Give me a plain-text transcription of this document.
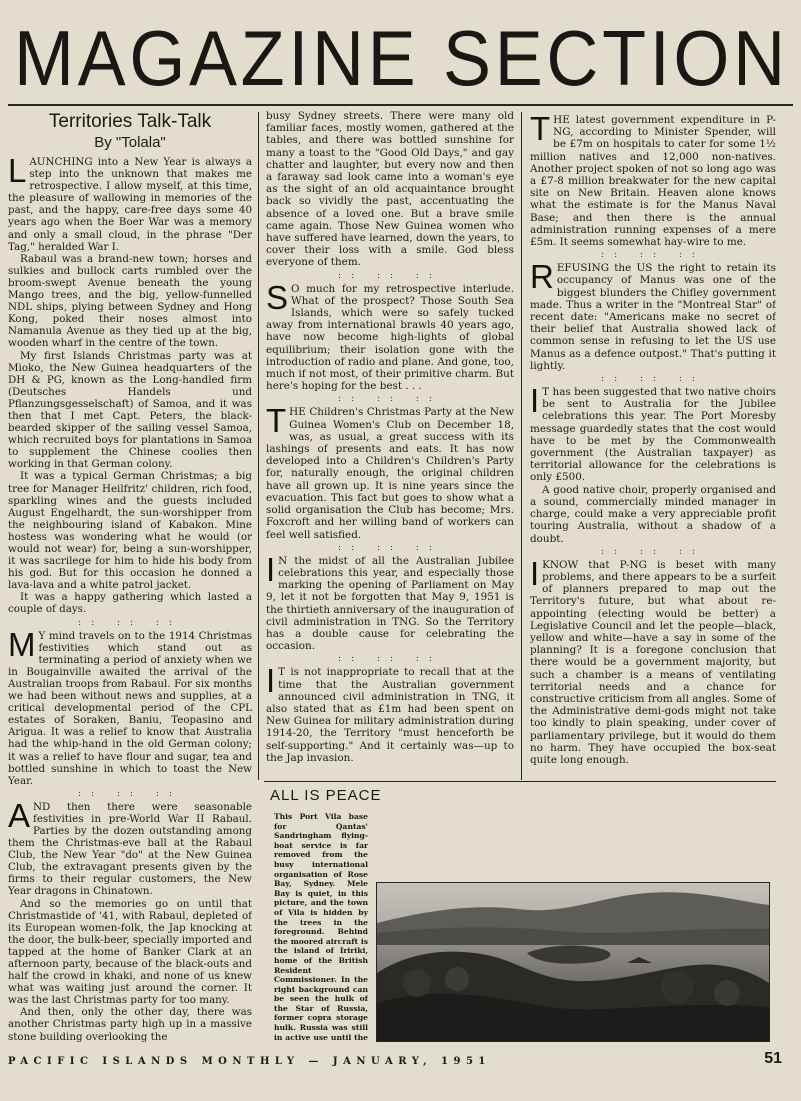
MAGAZINE SECTION
Territories Talk-Talk
By "Tolala"

LAUNCHING into a New Year is always a step into the unknown that makes me retrospective. I allow myself, at this time, the pleasure of wallowing in memories of the past, and the happy, care-free days some 40 years ago when the Boer War was a memory and only a small cloud, in the phrase "Der Tag," heralded War I.

Rabaul was a brand-new town; horses and sulkies and bullock carts rumbled over the broom-swept Avenue beneath the young Mango trees, and the big, yellow-funnelled NDL ships, plying between Sydney and Hong Kong, poked their noses almost into Namanula Avenue as they tied up at the big, wooden wharf in the centre of the town.

My first Islands Christmas party was at Mioko, the New Guinea headquarters of the DH & PG, known as the Long-handled firm (Deutsches Handels und Pflanzungsgesselschaft) of Samoa, and it was then that I met Capt. Peters, the black-bearded skipper of the sailing vessel Samoa, which recruited boys for plantations in Samoa to supplement the Chinese coolies then working in that German colony.

It was a typical German Christmas; a big tree for Manager Heilfritz' children, rich food, sparkling wines and the guests included August Engelhardt, the sun-worshipper from the neighbouring island of Kabakon. Mine hostess was wondering what he would (or would not wear) for, being a sun-worshipper, it was sacrilege for him to hide his body from his god. But for this occasion he donned a lava-lava and a white patrol jacket.

It was a happy gathering which lasted a couple of days.

:: :: ::

M Y mind travels on to the 1914 Christmas festivities which stand out as terminating a period of anxiety when we in Bougainville awaited the arrival of the Australian troops from Rabaul. For six months we had been without news and supplies, at a critical developmental period of the CPL estates of Soraken, Baniu, Teopasino and Arigua. It was a relief to know that Australia had the whip-hand in the old German colony; it was a relief to have flour and sugar, tea and bottled sunshine in which to toast the New Year.

:: :: ::

AND then there were seasonable festivities in pre-World War II Rabaul. Parties by the dozen outstanding among them the Christmas-eve ball at the Rabaul Club, the New Year "do" at the New Guinea Club, the extravagant presents given by the firms to their regular customers, the New Year dragons in Chinatown.

And so the memories go on until that Christmastide of '41, with Rabaul, depleted of its European women-folk, the Jap knocking at the door, the bulk-beer, specially imported and tapped at the home of Banker Clark at an afternoon party, because of the black-outs and half the crowd in khaki, and none of us knew what was waiting just around the corner. It was the last Christmas party for too many.

And then, only the other day, there was another Christmas party high up in a massive stone building overlooking the

busy Sydney streets. There were many old familiar faces, mostly women, gathered at the tables, and there was bottled sunshine for many a toast to the "Good Old Days," and gay chatter and laughter, but every now and then a faraway sad look came into a woman's eye as the sight of an old acquaintance brought back so vividly the past, accentuating the absence of a loved one. But a brave smile came again. Those New Guinea women who have suffered have learned, down the years, to cover their loss with a smile. God bless everyone of them.

:: :: ::

S O much for my retrospective interlude. What of the prospect? Those South Sea Islands, which were so safely tucked away from international brawls 40 years ago, have now become high-lights of global equilibrium; their isolation gone with the introduction of radio and plane. And gone, too, much if not most, of their primitive charm. But here's hoping for the best . . .

:: :: ::

THE Children's Christmas Party at the New Guinea Women's Club on December 18, was, as usual, a great success with its lashings of presents and eats. It has now developed into a Children's Children's Party for, naturally enough, the original children have all grown up. It is nine years since the evacuation. This fact but goes to show what a solid organisation the Club has become; Mrs. Foxcroft and her willing band of workers can feel well satisfied.

:: :: ::

I N the midst of all the Australian Jubilee celebrations this year, and especially those marking the opening of Parliament on May 9, let it not be forgotten that May 9, 1951 is the thirtieth anniversary of the inauguration of civil administration in TNG. So the Territory has a double cause for celebrating the occasion.

:: :: ::

I T is not inappropriate to recall that at the time that the Australian government announced civil administration in TNG, it also stated that as £1m had been spent on New Guinea for military administration during 1914-20, the Territory "must henceforth be self-supporting." And it certainly was—up to the Jap invasion.

THE latest government expenditure in P-NG, according to Minister Spender, will be £7m on hospitals to cater for some 1½ million natives and 12,000 non-natives. Another project spoken of not so long ago was a £7-8 million breakwater for the new capital site on New Britain. Heaven alone knows what the estimate is for the Manus Naval Base; and then there is the annual administration running expenses of a mere £5m. It seems somewhat hay-wire to me.

:: :: ::

REFUSING the US the right to retain its occupancy of Manus was one of the biggest blunders the Chifley government made. Thus a writer in the "Montreal Star" of recent date: "Americans make no secret of their belief that Australia showed lack of common sense in refusing to let the US use Manus as a defence outpost." That's putting it lightly.

:: :: ::

I T has been suggested that two native choirs be sent to Australia for the Jubilee celebrations this year. The Port Moresby message guardedly states that the cost would have to be met by the Commonwealth government (the Australian taxpayer) as territorial allowance for the celebrations is only £500.

A good native choir, properly organised and a sound, commercially minded manager in charge, could make a very appreciable profit touring Australia, without a shadow of a doubt.

:: :: ::

I KNOW that P-NG is beset with many problems, and there appears to be a surfeit of planners prepared to map out the Territory's future, but what about re-appointing (electing would be better) a Legislative Council and let the people—black, yellow and white—have a say in some of the planning? It is a foregone conclusion that there would be a government majority, but such a chamber is a means of ventilating territorial needs and a chance for constructive criticism from all angles. Some of the Administrative demi-gods might not take too kindly to plain speaking, under cover of parliamentary privilege, but it would do them no harm. They have occupied the box-seat quite long enough.

ALL IS PEACE
This Port Vila base for Qantas' Sandringham flying-boat service is far removed from the busy international organisation of Rose Bay, Sydney. Mele Bay is quiet, in this picture, and the town of Vila is hidden by the trees in the foreground. Behind the moored aircraft is the island of Iririki, home of the British Resident Commissioner. In the right background can be seen the hulk of the Star of Russia, former copra storage hulk. Russia was still in active use until the
PACIFIC ISLANDS MONTHLY — JANUARY, 1951	51
